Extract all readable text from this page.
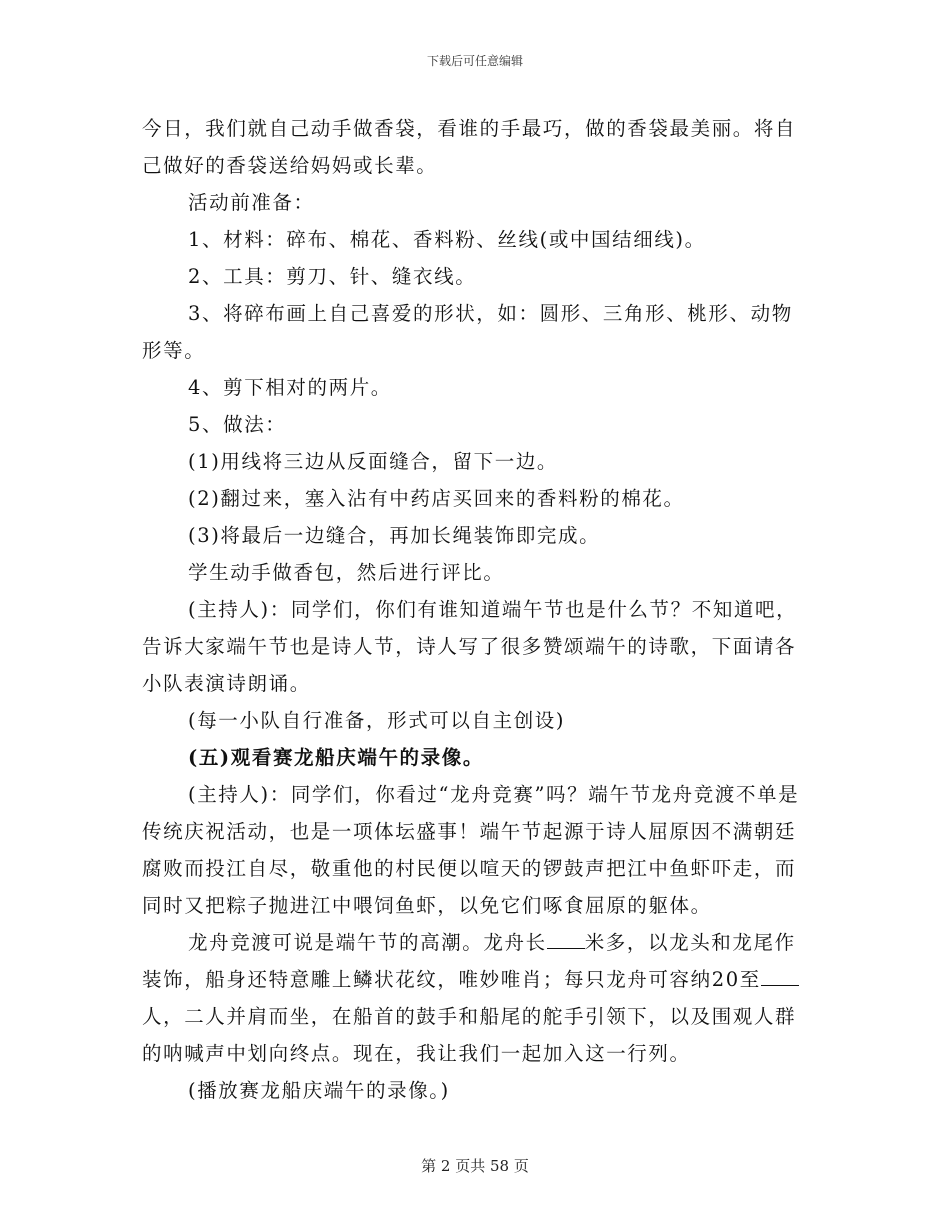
下载后可任意编辑

今日，我们就自己动手做香袋，看谁的手最巧，做的香袋最美丽。将自己做好的香袋送给妈妈或长辈。

活动前准备：

1、材料：碎布、棉花、香料粉、丝线(或中国结细线)。

2、工具：剪刀、针、缝衣线。

3、将碎布画上自己喜爱的形状，如：圆形、三角形、桃形、动物形等。

4、剪下相对的两片。

5、做法：

(1)用线将三边从反面缝合，留下一边。

(2)翻过来，塞入沾有中药店买回来的香料粉的棉花。

(3)将最后一边缝合，再加长绳装饰即完成。

学生动手做香包，然后进行评比。

(主持人)：同学们，你们有谁知道端午节也是什么节？不知道吧，告诉大家端午节也是诗人节，诗人写了很多赞颂端午的诗歌，下面请各小队表演诗朗诵。

(每一小队自行准备，形式可以自主创设)

(五)观看赛龙船庆端午的录像。

(主持人)：同学们，你看过“龙舟竞赛”吗？端午节龙舟竞渡不单是传统庆祝活动，也是一项体坛盛事！端午节起源于诗人屈原因不满朝廷腐败而投江自尽，敬重他的村民便以喧天的锣鼓声把江中鱼虾吓走，而同时又把粽子抛进江中喂饲鱼虾，以免它们啄食屈原的躯体。

龙舟竞渡可说是端午节的高潮。龙舟长 米多，以龙头和龙尾作装饰，船身还特意雕上鳞状花纹，唯妙唯肖；每只龙舟可容纳20至人，二人并肩而坐，在船首的鼓手和船尾的舵手引领下，以及围观人群的呐喊声中划向终点。现在，我让我们一起加入这一行列。

(播放赛龙船庆端午的录像。)

第 2 页共 58 页
